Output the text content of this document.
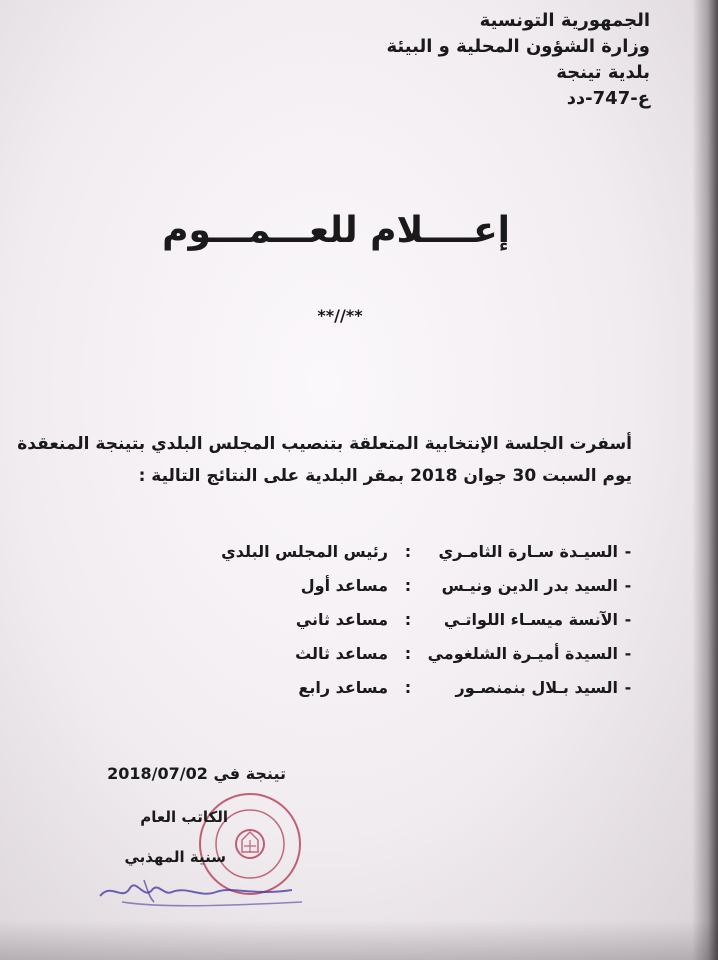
الجمهورية التونسية
وزارة الشؤون المحلية و البيئة
بلدية تينجة
ع-747-دد
إعــــلام للعـــمـــوم
**//**
أسفرت الجلسة الإنتخابية المتعلقة بتنصيب المجلس البلدي بتينجة المنعقدة
يوم السبت 30 جوان 2018 بمقر البلدية على النتائج التالية :
-
السيـدة سـارة الثامـري
:
رئيس المجلس البلدي
-
السيد بدر الدين ونيـس
:
مساعد أول
-
الآنسة ميسـاء اللواتـي
:
مساعد ثاني
-
السيدة أميـرة الشلغومي
:
مساعد ثالث
-
السيد بـلال بنمنصـور
:
مساعد رابع
تينجة في 2018/07/02
الكاتب العام
سنية المهذبي
